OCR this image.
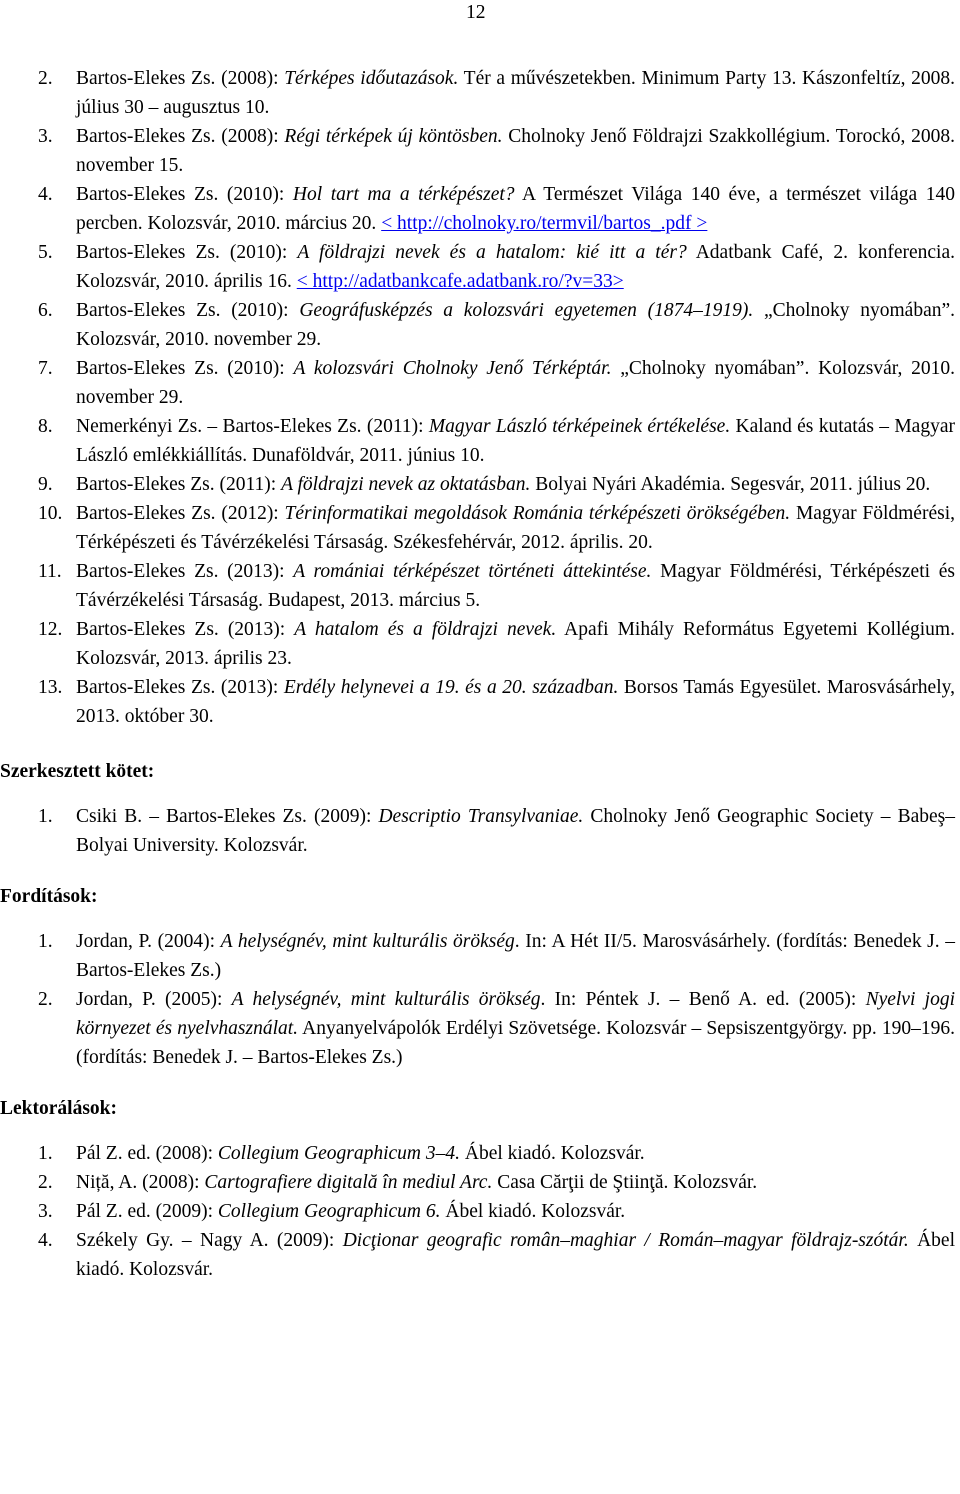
12
2. Bartos-Elekes Zs. (2008): Térképes időutazások. Tér a művészetekben. Minimum Party 13. Kászonfeltíz, 2008. július 30 – augusztus 10.
3. Bartos-Elekes Zs. (2008): Régi térképek új köntösben. Cholnoky Jenő Földrajzi Szakkollégium. Torockó, 2008. november 15.
4. Bartos-Elekes Zs. (2010): Hol tart ma a térképészet? A Természet Világa 140 éve, a természet világa 140 percben. Kolozsvár, 2010. március 20. < http://cholnoky.ro/termvil/bartos_.pdf >
5. Bartos-Elekes Zs. (2010): A földrajzi nevek és a hatalom: kié itt a tér? Adatbank Café, 2. konferencia. Kolozsvár, 2010. április 16. < http://adatbankcafe.adatbank.ro/?v=33>
6. Bartos-Elekes Zs. (2010): Geográfusképzés a kolozsvári egyetemen (1874–1919). „Cholnoky nyomában”. Kolozsvár, 2010. november 29.
7. Bartos-Elekes Zs. (2010): A kolozsvári Cholnoky Jenő Térképtár. „Cholnoky nyomában”. Kolozsvár, 2010. november 29.
8. Nemerkényi Zs. – Bartos-Elekes Zs. (2011): Magyar László térképeinek értékelése. Kaland és kutatás – Magyar László emlékkiállítás. Dunaföldvár, 2011. június 10.
9. Bartos-Elekes Zs. (2011): A földrajzi nevek az oktatásban. Bolyai Nyári Akadémia. Segesvár, 2011. július 20.
10. Bartos-Elekes Zs. (2012): Térinformatikai megoldások Románia térképészeti örökségében. Magyar Földmérési, Térképészeti és Távérzékelési Társaság. Székesfehérvár, 2012. április. 20.
11. Bartos-Elekes Zs. (2013): A romániai térképészet történeti áttekintése. Magyar Földmérési, Térképészeti és Távérzékelési Társaság. Budapest, 2013. március 5.
12. Bartos-Elekes Zs. (2013): A hatalom és a földrajzi nevek. Apafi Mihály Református Egyetemi Kollégium. Kolozsvár, 2013. április 23.
13. Bartos-Elekes Zs. (2013): Erdély helynevei a 19. és a 20. században. Borsos Tamás Egyesület. Marosvásárhely, 2013. október 30.
Szerkesztett kötet:
1. Csiki B. – Bartos-Elekes Zs. (2009): Descriptio Transylvaniae. Cholnoky Jenő Geographic Society – Babeş–Bolyai University. Kolozsvár.
Fordítások:
1. Jordan, P. (2004): A helységnév, mint kulturális örökség. In: A Hét II/5. Marosvásárhely. (fordítás: Benedek J. – Bartos-Elekes Zs.)
2. Jordan, P. (2005): A helységnév, mint kulturális örökség. In: Péntek J. – Benő A. ed. (2005): Nyelvi jogi környezet és nyelvhasználat. Anyanyelvápolók Erdélyi Szövetsége. Kolozsvár – Sepsiszentgyörgy. pp. 190–196. (fordítás: Benedek J. – Bartos-Elekes Zs.)
Lektorálások:
1. Pál Z. ed. (2008): Collegium Geographicum 3–4. Ábel kiadó. Kolozsvár.
2. Niță, A. (2008): Cartografiere digitală în mediul Arc. Casa Cărţii de Ştiinţă. Kolozsvár.
3. Pál Z. ed. (2009): Collegium Geographicum 6. Ábel kiadó. Kolozsvár.
4. Székely Gy. – Nagy A. (2009): Dicţionar geografic român–maghiar / Román–magyar földrajz-szótár. Ábel kiadó. Kolozsvár.
